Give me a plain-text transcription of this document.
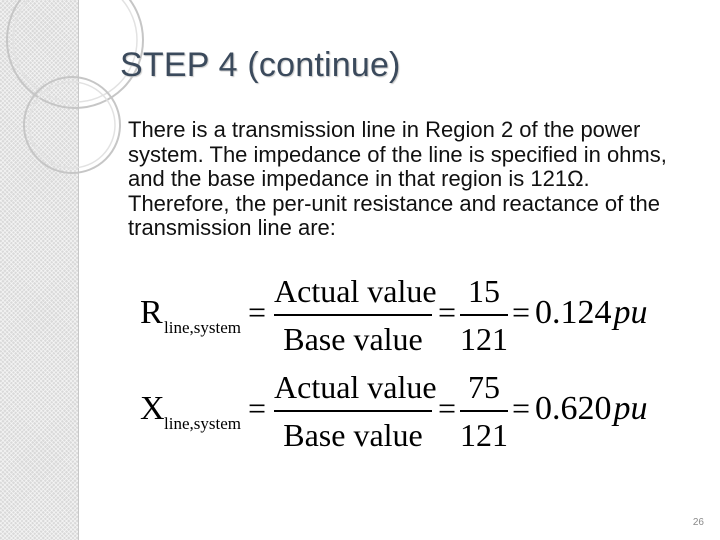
STEP 4 (continue)
There is a transmission line in Region 2 of the power system. The impedance of the line is specified in ohms, and the base impedance in that region is 121Ω. Therefore, the per-unit resistance and reactance of the transmission line are:
R line,system =
Actual value
Base value
=
15
121
= 0.124pu
X line,system =
Actual value
Base value
=
75
121
= 0.620pu
26
